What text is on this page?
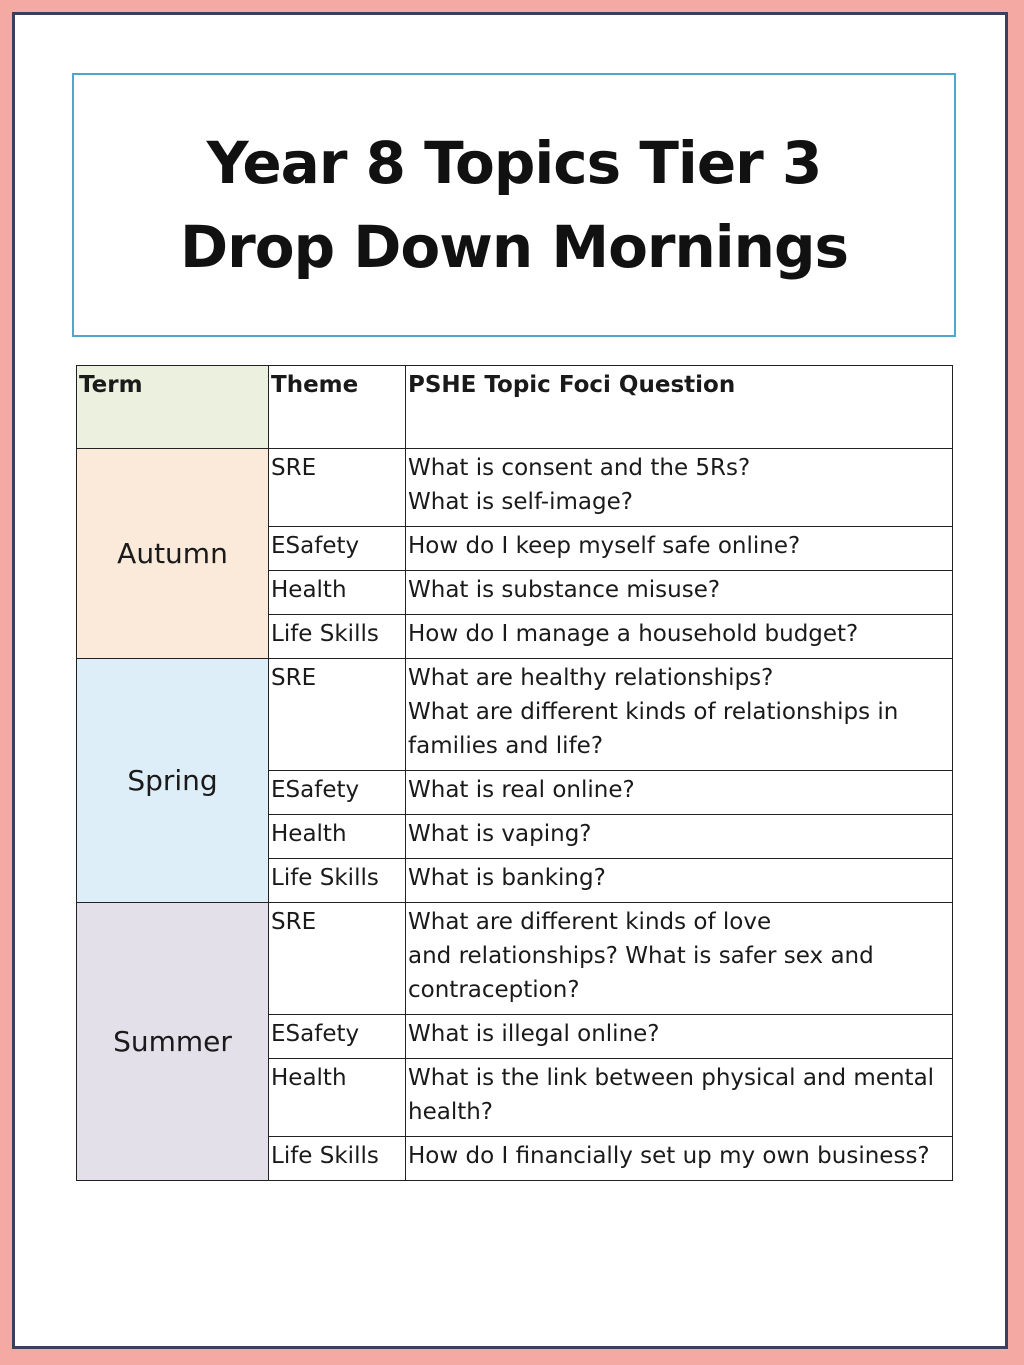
Year 8 Topics Tier 3
Drop Down Mornings
Term	Theme	PSHE Topic Foci Question
Autumn	SRE	What is consent and the 5Rs?
What is self-image?

	ESafety	How do I keep myself safe online?

	Health	What is substance misuse?

	Life Skills	How do I manage a household budget?

Spring	SRE	What are healthy relationships?
What are different kinds of relationships in
families and life?

	ESafety	What is real online?

	Health	What is vaping?

	Life Skills	What is banking?

Summer	SRE	What are different kinds of love
and relationships? What is safer sex and
contraception?

	ESafety	What is illegal online?

	Health	What is the link between physical and mental
health?

	Life Skills	How do I financially set up my own business?
